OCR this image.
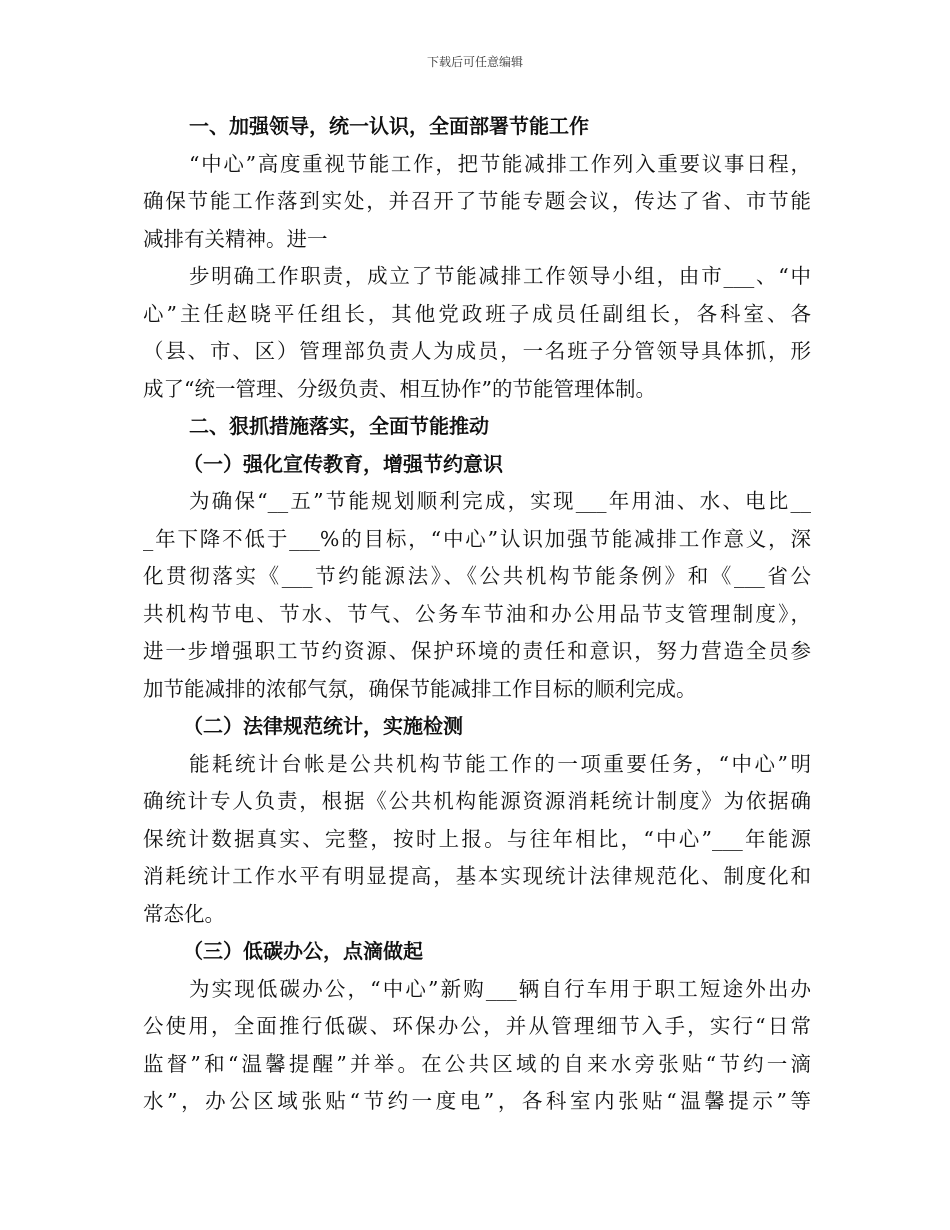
下载后可任意编辑
一、加强领导，统一认识，全面部署节能工作
“中心”高度重视节能工作，把节能减排工作列入重要议事日程，
确保节能工作落到实处，并召开了节能专题会议，传达了省、市节能
减排有关精神。进一
步明确工作职责，成立了节能减排工作领导小组，由市___、“中
心”主任赵晓平任组长，其他党政班子成员任副组长，各科室、各
（县、市、区）管理部负责人为成员，一名班子分管领导具体抓，形
成了“统一管理、分级负责、相互协作”的节能管理体制。
二、狠抓措施落实，全面节能推动
（一）强化宣传教育，增强节约意识
为确保“__五”节能规划顺利完成，实现___年用油、水、电比__
_年下降不低于___%的目标，“中心”认识加强节能减排工作意义，深
化贯彻落实《___节约能源法》、《公共机构节能条例》和《___省公
共机构节电、节水、节气、公务车节油和办公用品节支管理制度》，
进一步增强职工节约资源、保护环境的责任和意识，努力营造全员参
加节能减排的浓郁气氛，确保节能减排工作目标的顺利完成。
（二）法律规范统计，实施检测
能耗统计台帐是公共机构节能工作的一项重要任务，“中心”明
确统计专人负责，根据《公共机构能源资源消耗统计制度》为依据确
保统计数据真实、完整，按时上报。与往年相比，“中心”___年能源
消耗统计工作水平有明显提高，基本实现统计法律规范化、制度化和
常态化。
（三）低碳办公，点滴做起
为实现低碳办公，“中心”新购___辆自行车用于职工短途外出办
公使用，全面推行低碳、环保办公，并从管理细节入手，实行“日常
监督”和“温馨提醒”并举。在公共区域的自来水旁张贴“节约一滴
水”，办公区域张贴“节约一度电”，各科室内张贴“温馨提示”等
